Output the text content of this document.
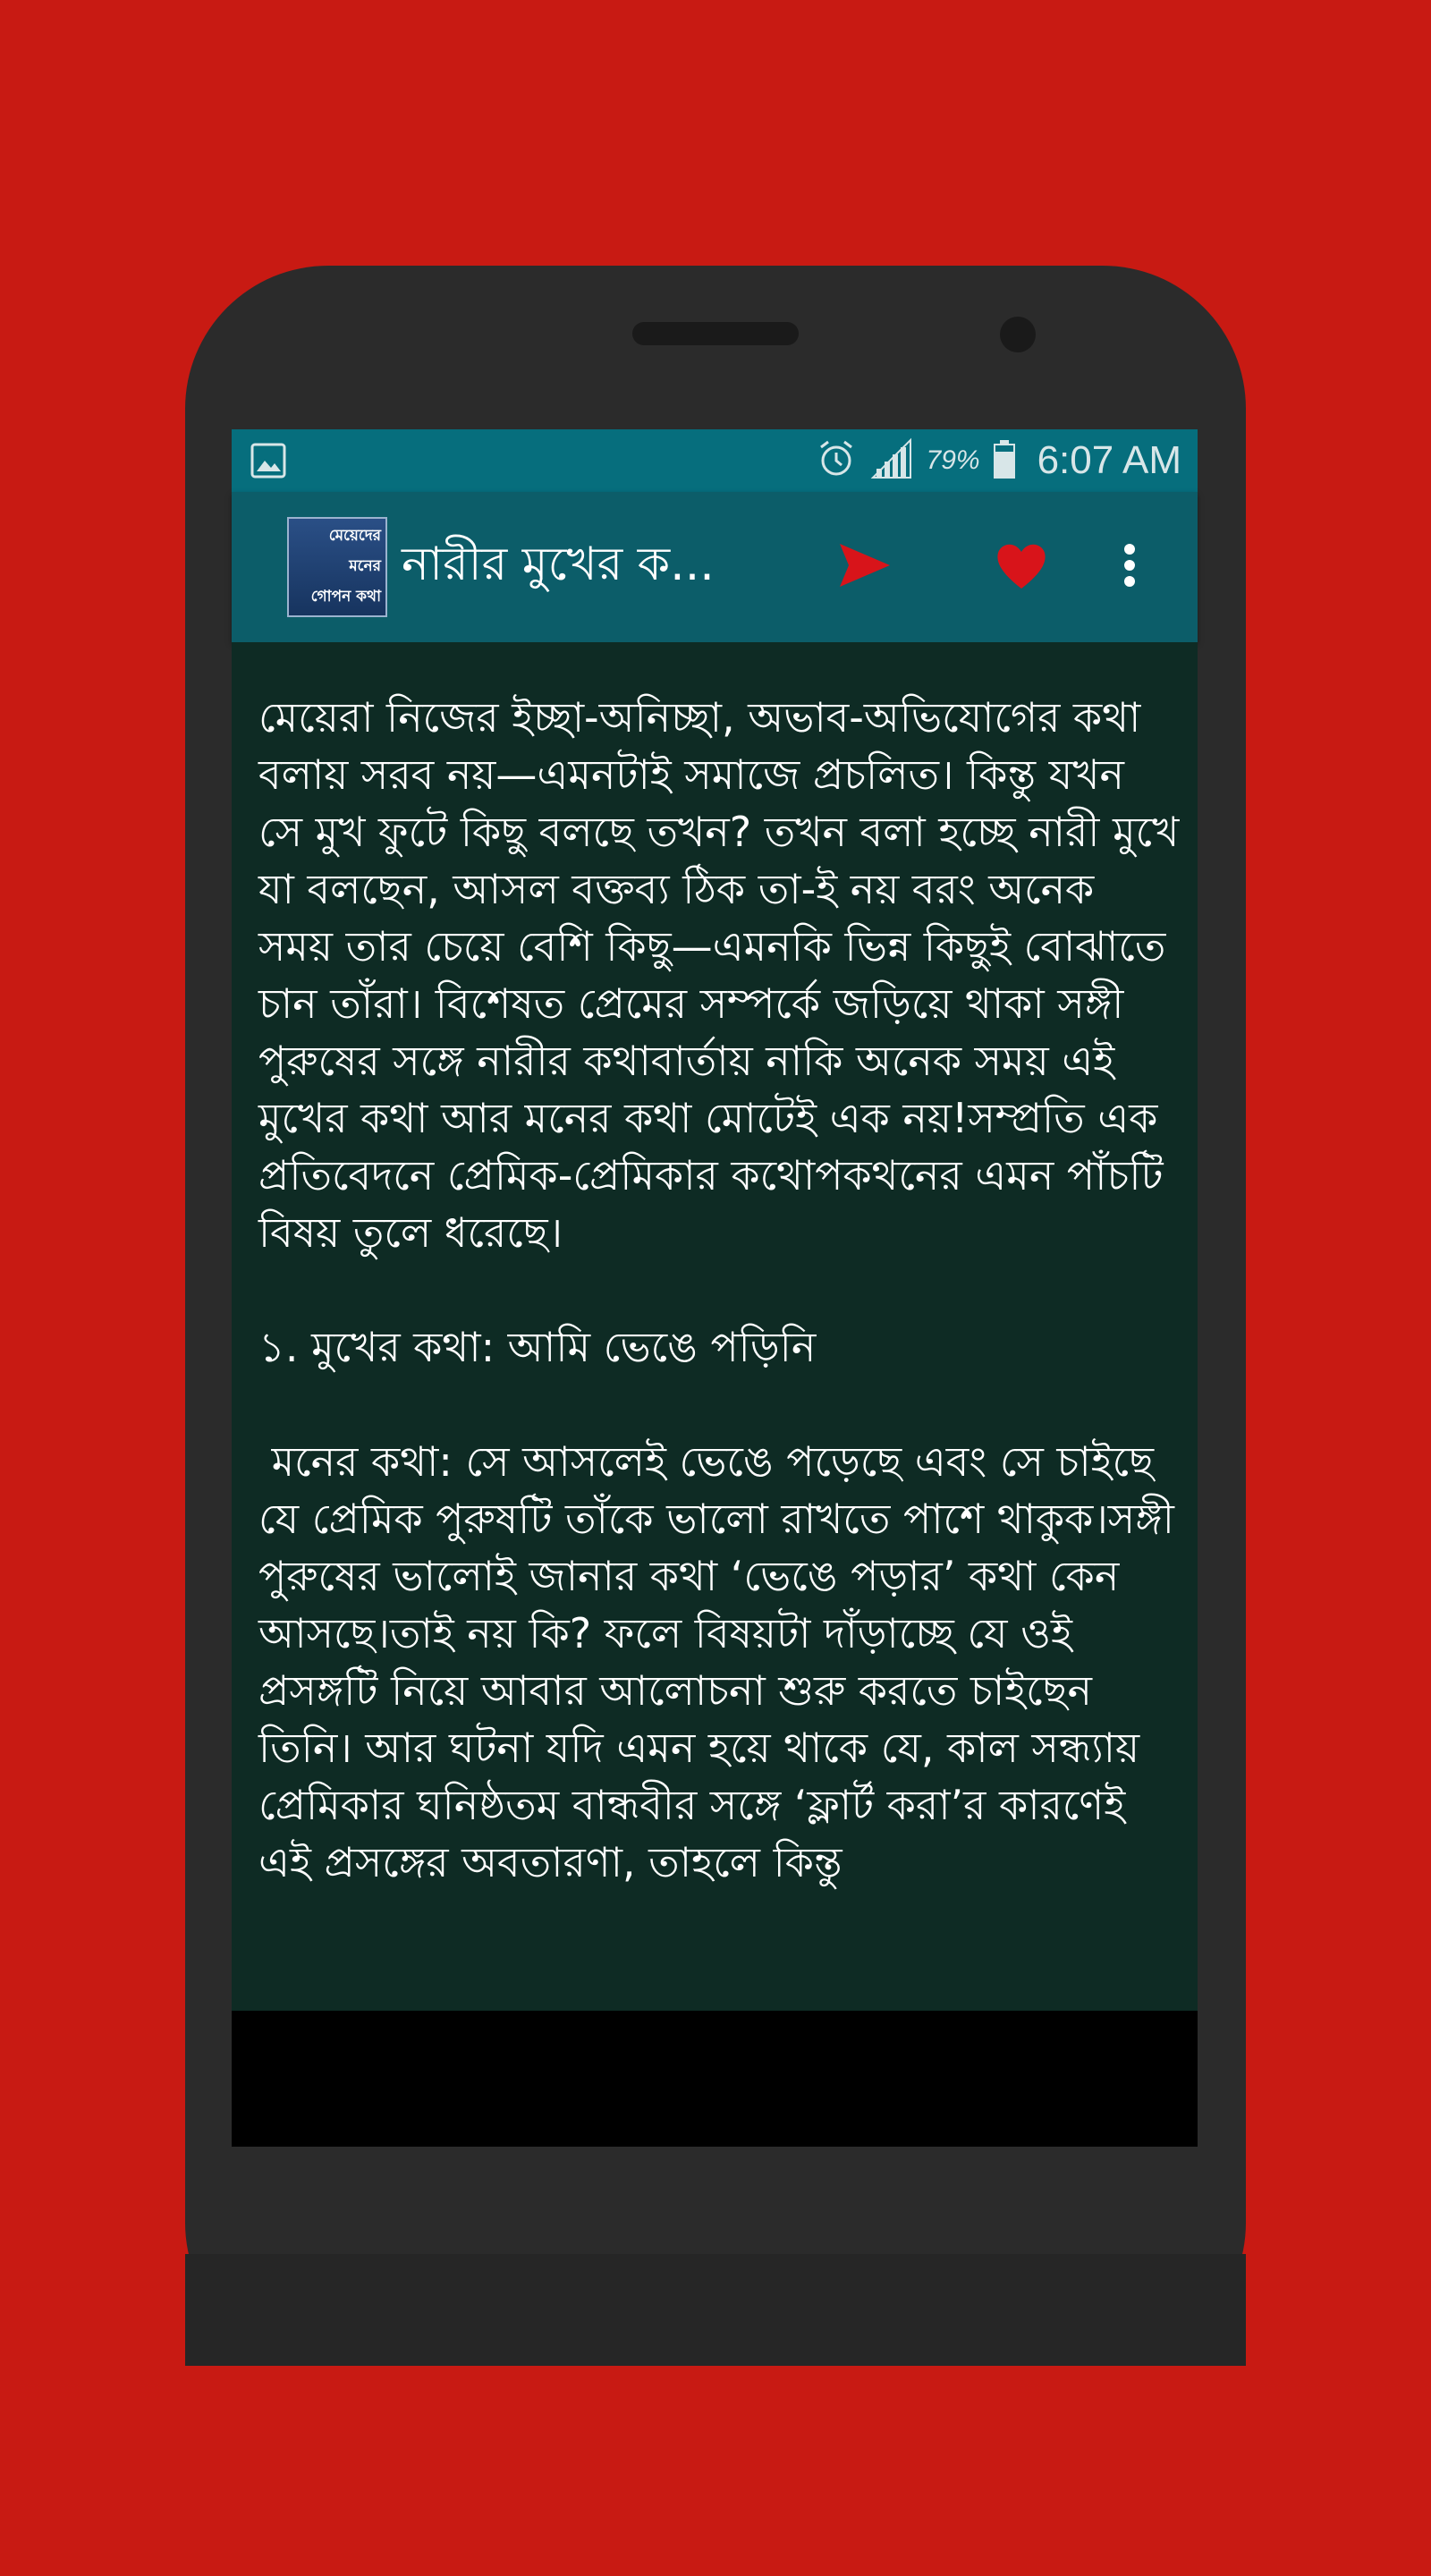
79% 6:07 AM
মেয়েদের
মনের
গোপন কথা
নারীর মুখের ক...

মেয়েরা নিজের ইচ্ছা-অনিচ্ছা, অভাব-অভিযোগের কথা বলায় সরব নয়—এমনটাই সমাজে প্রচলিত। কিন্তু যখন সে মুখ ফুটে কিছু বলছে তখন? তখন বলা হচ্ছে নারী মুখে যা বলছেন, আসল বক্তব্য ঠিক তা-ই নয় বরং অনেক সময় তার চেয়ে বেশি কিছু—এমনকি ভিন্ন কিছুই বোঝাতে চান তাঁরা। বিশেষত প্রেমের সম্পর্কে জড়িয়ে থাকা সঙ্গী পুরুষের সঙ্গে নারীর কথাবার্তায় নাকি অনেক সময় এই মুখের কথা আর মনের কথা মোটেই এক নয়!সম্প্রতি এক প্রতিবেদনে প্রেমিক-প্রেমিকার কথোপকথনের এমন পাঁচটি বিষয় তুলে ধরেছে।

১. মুখের কথা: আমি ভেঙে পড়িনি

মনের কথা: সে আসলেই ভেঙে পড়েছে এবং সে চাইছে যে প্রেমিক পুরুষটি তাঁকে ভালো রাখতে পাশে থাকুক।সঙ্গী পুরুষের ভালোই জানার কথা ‘ভেঙে পড়ার’ কথা কেন আসছে।তাই নয় কি? ফলে বিষয়টা দাঁড়াচ্ছে যে ওই প্রসঙ্গটি নিয়ে আবার আলোচনা শুরু করতে চাইছেন তিনি। আর ঘটনা যদি এমন হয়ে থাকে যে, কাল সন্ধ্যায় প্রেমিকার ঘনিষ্ঠতম বান্ধবীর সঙ্গে ‘ফ্লার্ট করা’র কারণেই এই প্রসঙ্গের অবতারণা, তাহলে কিন্তু
